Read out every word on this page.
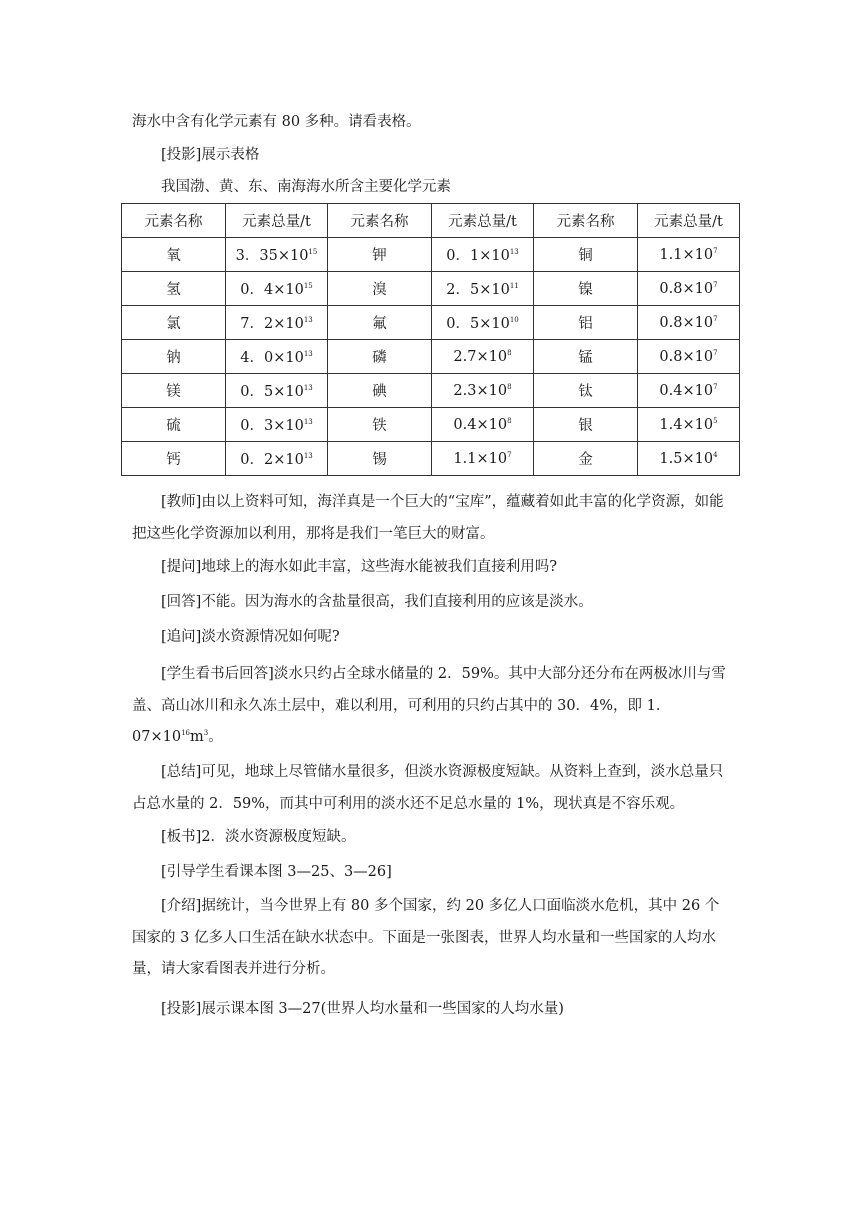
海水中含有化学元素有 80 多种。请看表格。
[投影]展示表格
我国渤、黄、东、南海海水所含主要化学元素
元素名称	元素总量/t	元素名称	元素总量/t	元素名称	元素总量/t
氧	3．$35\times 10^{15}$	钾	0．$1\times 10^{13}$	铜	$1.1\times 10^7$
氢	0．$4\times 10^{15}$	溴	2．$5\times 10^{11}$	镍	$0.8\times 10^7$
氯	7．$2\times 10^{13}$	氟	0．$5\times 10^{10}$	铝	$0.8\times 10^7$
钠	4．$0\times 10^{13}$	磷	$2.7\times 10^8$	锰	$0.8\times 10^7$
镁	0．$5\times 10^{13}$	碘	$2.3\times 10^8$	钛	$0.4\times 10^7$
硫	0．$3\times 10^{13}$	铁	$0.4\times 10^8$	银	$1.4\times 10^5$
钙	0．$2\times 10^{13}$	锡	$1.1\times 10^7$	金	$1.5\times 10^4$
[教师]由以上资料可知，海洋真是一个巨大的“宝库”，蕴藏着如此丰富的化学资源，如能把这些化学资源加以利用，那将是我们一笔巨大的财富。
[提问]地球上的海水如此丰富，这些海水能被我们直接利用吗?
[回答]不能。因为海水的含盐量很高，我们直接利用的应该是淡水。
[追问]淡水资源情况如何呢?
[学生看书后回答]淡水只约占全球水储量的 2．59%。其中大部分还分布在两极冰川与雪盖、高山冰川和永久冻土层中，难以利用，可利用的只约占其中的 30．4%，即 1．$07\times 10^{16}m^3$。
[总结]可见，地球上尽管储水量很多，但淡水资源极度短缺。从资料上查到，淡水总量只占总水量的 2．59%，而其中可利用的淡水还不足总水量的 1%，现状真是不容乐观。
[板书]2．淡水资源极度短缺。
[引导学生看课本图 3—25、3—26]
[介绍]据统计，当今世界上有 80 多个国家，约 20 多亿人口面临淡水危机，其中 26 个国家的 3 亿多人口生活在缺水状态中。下面是一张图表，世界人均水量和一些国家的人均水量，请大家看图表并进行分析。
[投影]展示课本图 3—27(世界人均水量和一些国家的人均水量)
